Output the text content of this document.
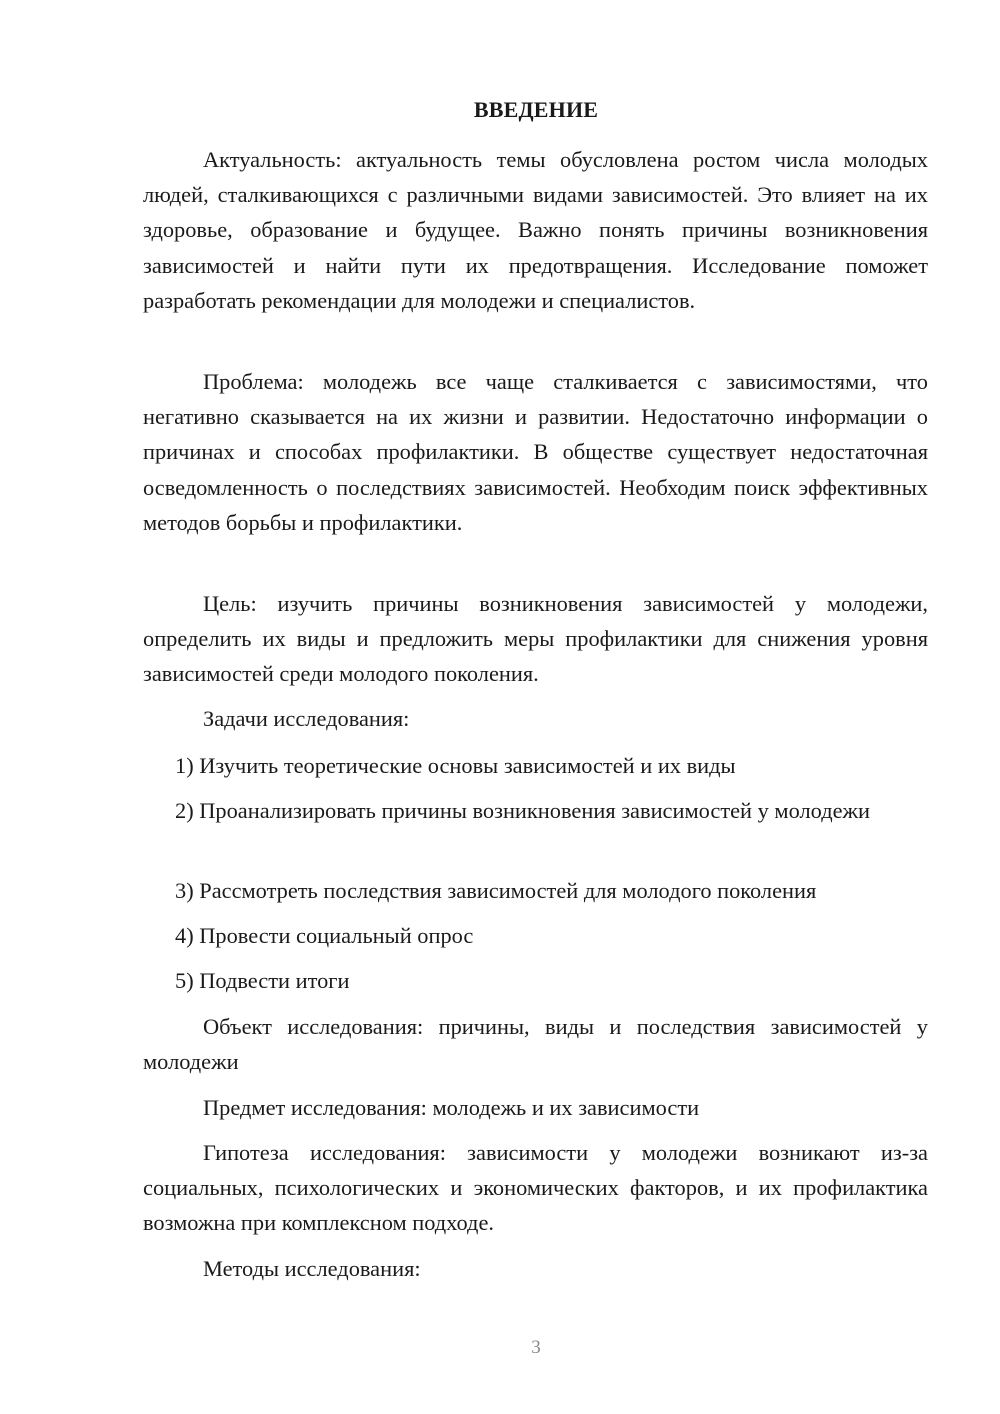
ВВЕДЕНИЕ

Актуальность: актуальность темы обусловлена ростом числа молодых людей, сталкивающихся с различными видами зависимостей. Это влияет на их здоровье, образование и будущее. Важно понять причины возникновения зависимостей и найти пути их предотвращения. Исследование поможет разработать рекомендации для молодежи и специалистов.

Проблема: молодежь все чаще сталкивается с зависимостями, что негативно сказывается на их жизни и развитии. Недостаточно информации о причинах и способах профилактики. В обществе существует недостаточная осведомленность о последствиях зависимостей. Необходим поиск эффективных методов борьбы и профилактики.

Цель: изучить причины возникновения зависимостей у молодежи, определить их виды и предложить меры профилактики для снижения уровня зависимостей среди молодого поколения.

Задачи исследования:

1) Изучить теоретические основы зависимостей и их виды

2) Проанализировать причины возникновения зависимостей у молодежи

3) Рассмотреть последствия зависимостей для молодого поколения

4) Провести социальный опрос

5) Подвести итоги

Объект исследования: причины, виды и последствия зависимостей у молодежи

Предмет исследования: молодежь и их зависимости

Гипотеза исследования: зависимости у молодежи возникают из-за социальных, психологических и экономических факторов, и их профилактика возможна при комплексном подходе.

Методы исследования:

3
